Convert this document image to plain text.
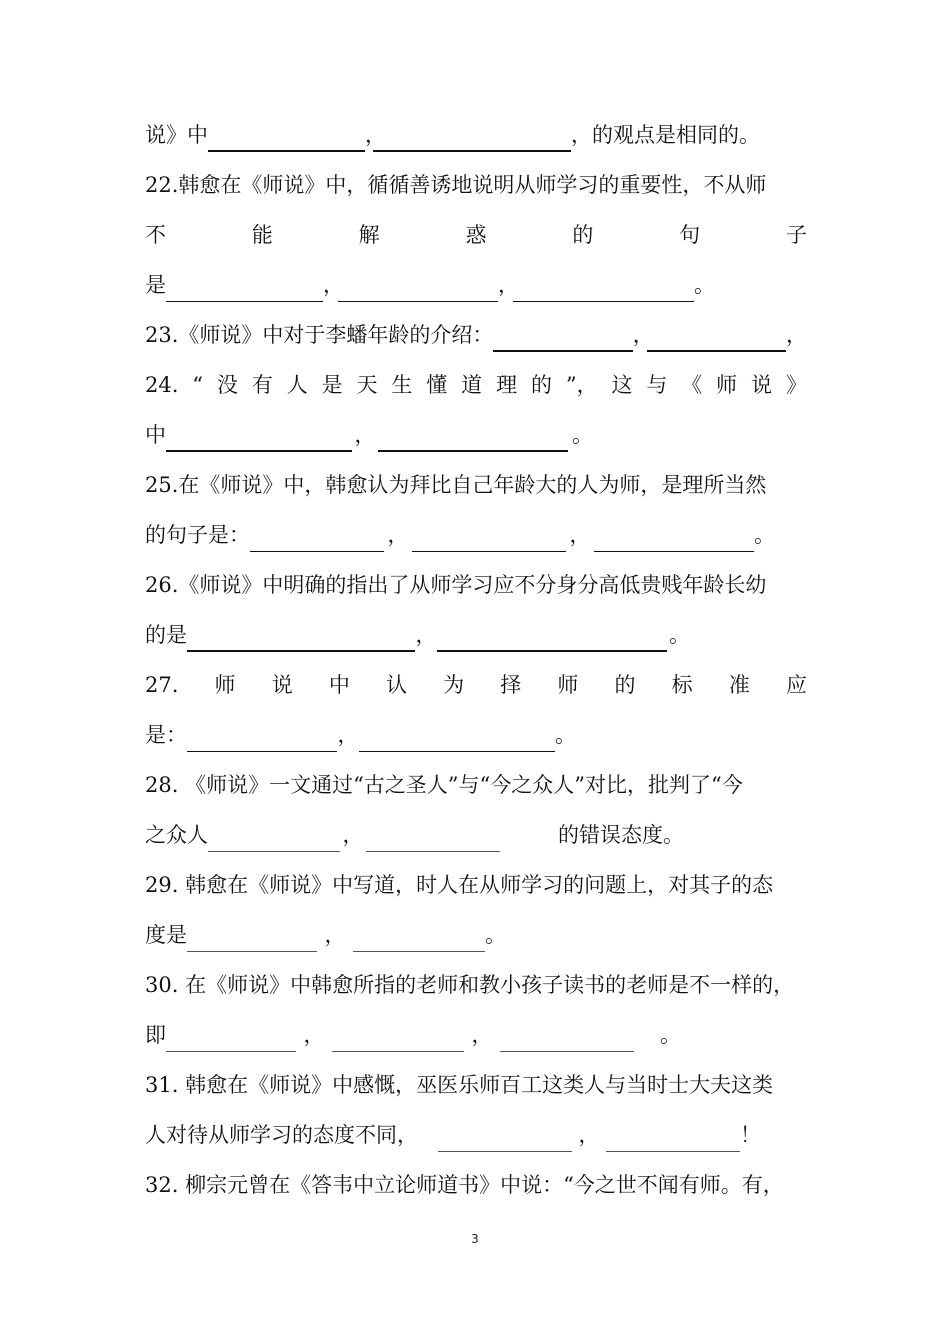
说》中	，	，的观点是相同的。
22.韩愈在《师说》中，循循善诱地说明从师学习的重要性，不从师
不	能	解	惑	的	句	子
是	，	，	。
23.《师说》中对于李蟠年龄的介绍：	，	，
24. “ 没 有 人 是 天 生 懂 道 理 的 ”， 这 与 《 师 说 》
中	，	。
25.在《师说》中，韩愈认为拜比自己年龄大的人为师，是理所当然
的句子是：	，	，	。
26.《师说》中明确的指出了从师学习应不分身分高低贵贱年龄长幼
的是	，	。
27. 师 说 中 认 为 择 师 的 标 准 应
是：	，	。
28. 《师说》一文通过“古之圣人”与“今之众人”对比，批判了“今
之众人	，	的错误态度。
29. 韩愈在《师说》中写道，时人在从师学习的问题上，对其子的态
度是	，	。
30. 在《师说》中韩愈所指的老师和教小孩子读书的老师是不一样的，
即	，	，	。
31. 韩愈在《师说》中感慨，巫医乐师百工这类人与当时士大夫这类
人对待从师学习的态度不同，	，	！
32. 柳宗元曾在《答韦中立论师道书》中说：“今之世不闻有师。有，
3
